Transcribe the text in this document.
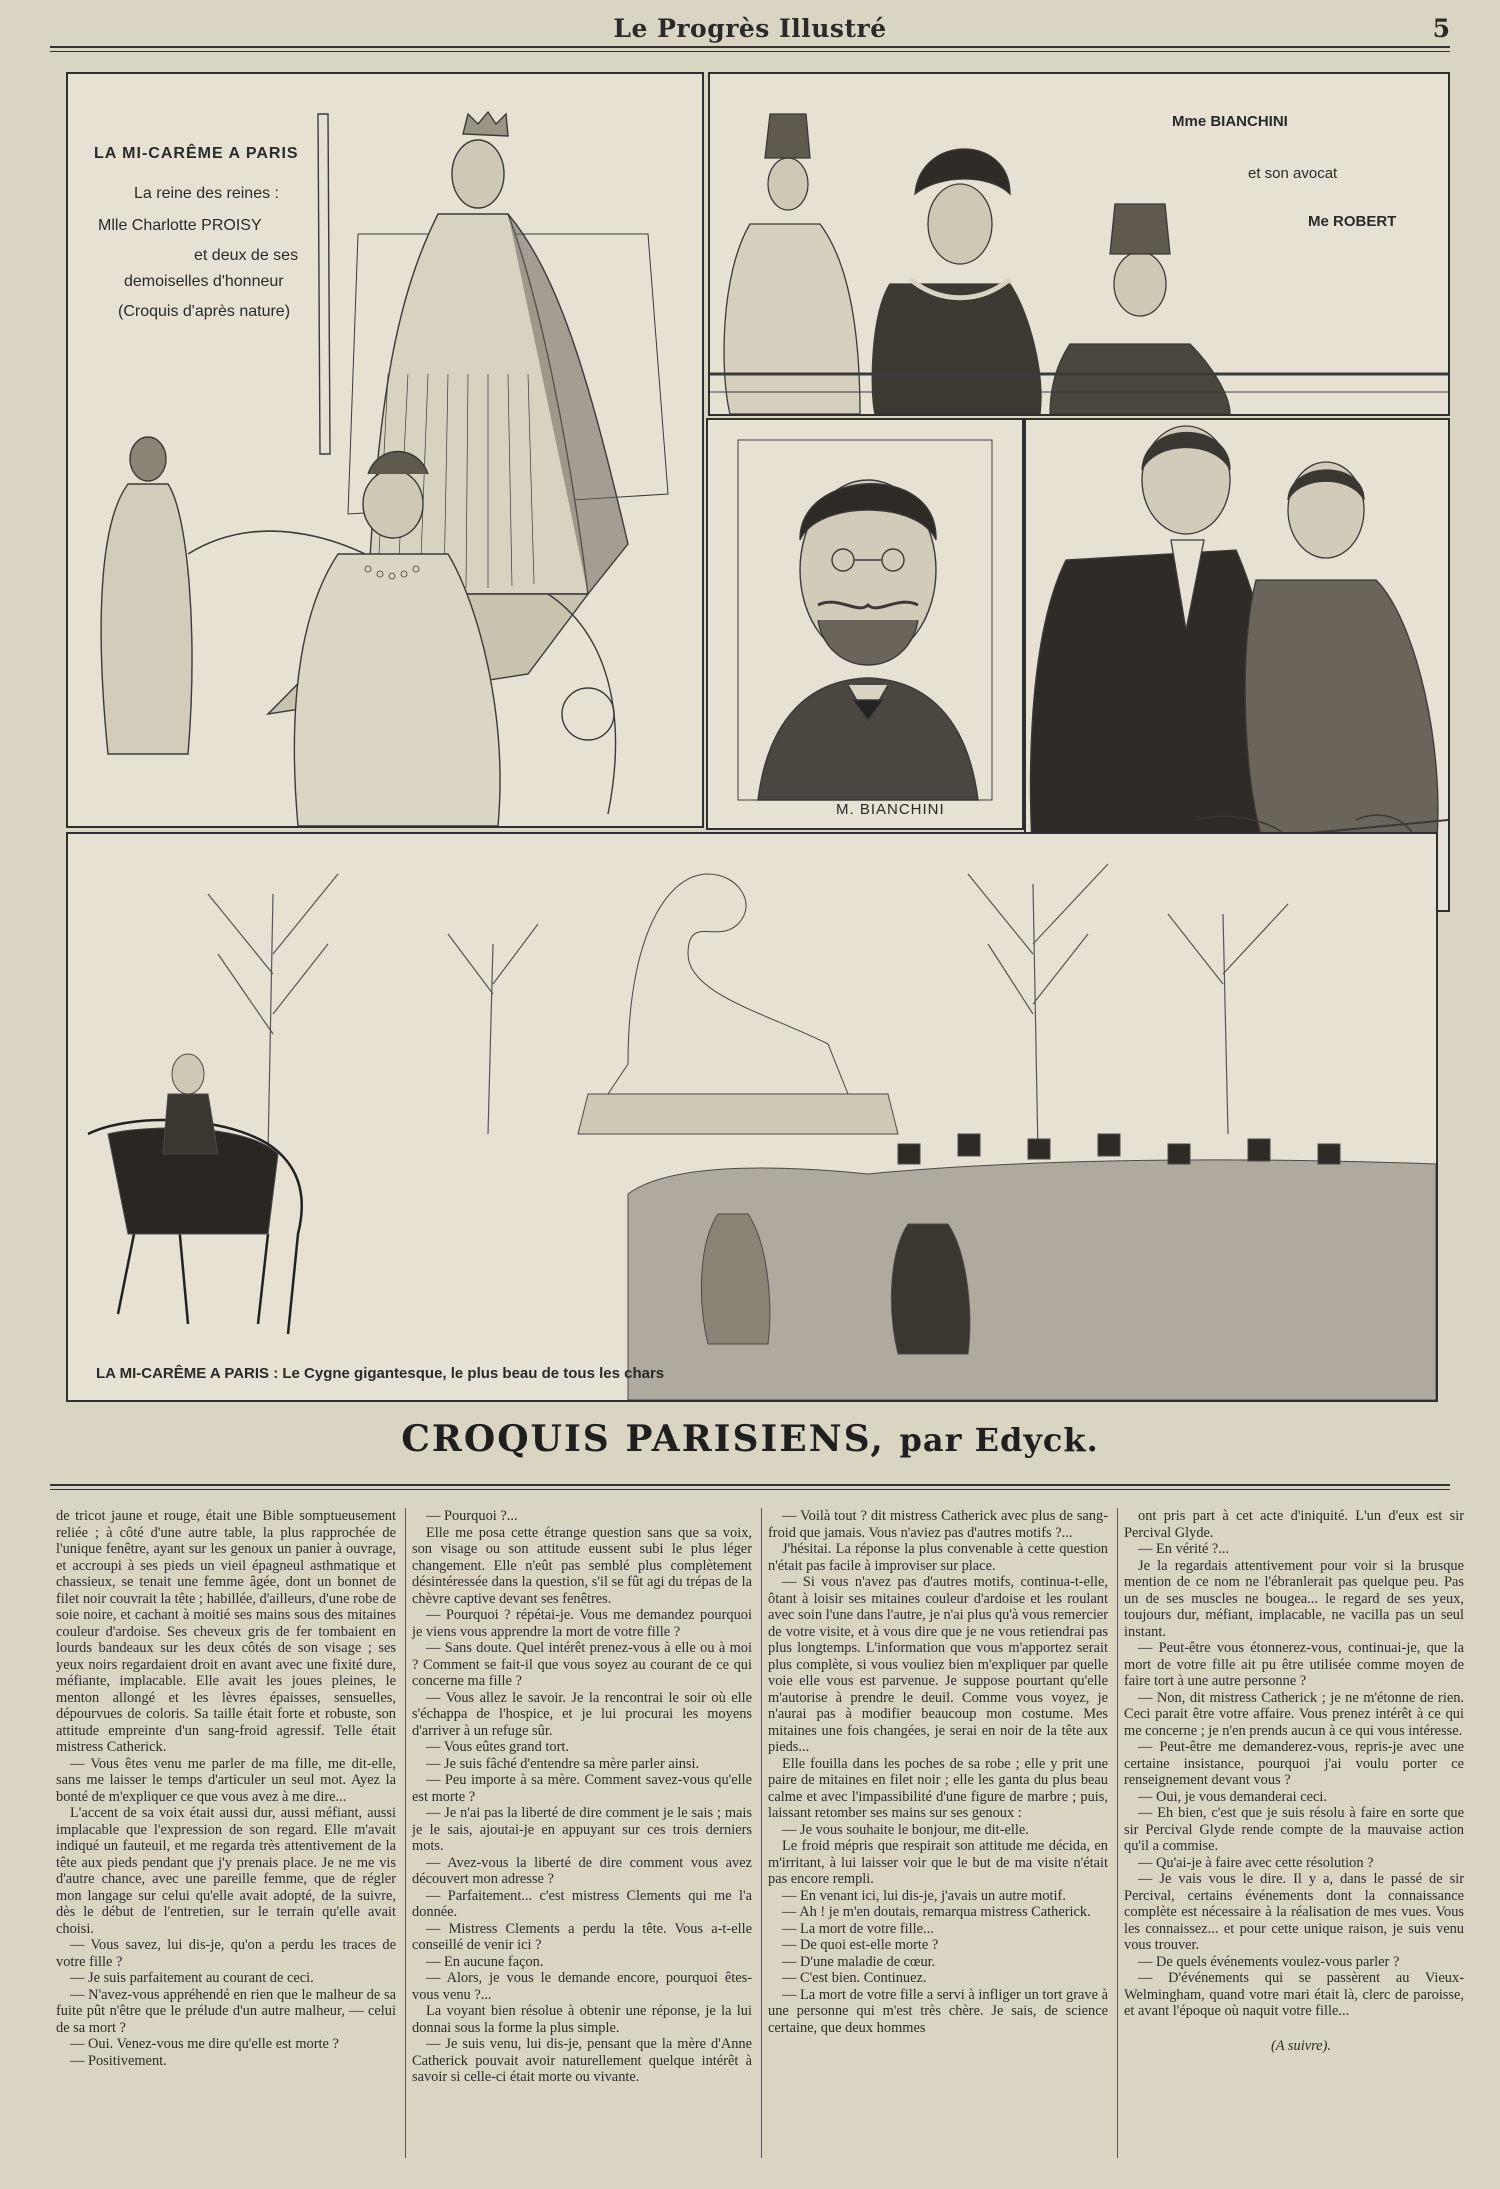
Le Progrès Illustré	5
LA MI-CARÊME A PARIS
La reine des reines :
Mlle Charlotte PROISY
et deux de ses
demoiselles d'honneur
(Croquis d'après nature)
Mme BIANCHINI
et son avocat
Me ROBERT
M. BIANCHINI
LA MI-CARÊME A PARIS : Le Cygne gigantesque, le plus beau de tous les chars
CROQUIS PARISIENS, par Edyck.

de tricot jaune et rouge, était une Bible somptueusement reliée ; à côté d'une autre table, la plus rapprochée de l'unique fenêtre, ayant sur les genoux un panier à ouvrage, et accroupi à ses pieds un vieil épagneul asthmatique et chassieux, se tenait une femme âgée, dont un bonnet de filet noir couvrait la tête ; habillée, d'ailleurs, d'une robe de soie noire, et cachant à moitié ses mains sous des mitaines couleur d'ardoise. Ses cheveux gris de fer tombaient en lourds bandeaux sur les deux côtés de son visage ; ses yeux noirs regardaient droit en avant avec une fixité dure, méfiante, implacable. Elle avait les joues pleines, le menton allongé et les lèvres épaisses, sensuelles, dépourvues de coloris. Sa taille était forte et robuste, son attitude empreinte d'un sang-froid agressif. Telle était mistress Catherick.

— Vous êtes venu me parler de ma fille, me dit-elle, sans me laisser le temps d'articuler un seul mot. Ayez la bonté de m'expliquer ce que vous avez à me dire...

L'accent de sa voix était aussi dur, aussi méfiant, aussi implacable que l'expression de son regard. Elle m'avait indiqué un fauteuil, et me regarda très attentivement de la tête aux pieds pendant que j'y prenais place. Je ne me vis d'autre chance, avec une pareille femme, que de régler mon langage sur celui qu'elle avait adopté, de la suivre, dès le début de l'entretien, sur le terrain qu'elle avait choisi.

— Vous savez, lui dis-je, qu'on a perdu les traces de votre fille ?

— Je suis parfaitement au courant de ceci.

— N'avez-vous appréhendé en rien que le malheur de sa fuite pût n'être que le prélude d'un autre malheur, — celui de sa mort ?

— Oui. Venez-vous me dire qu'elle est morte ?

— Positivement.

— Pourquoi ?...

Elle me posa cette étrange question sans que sa voix, son visage ou son attitude eussent subi le plus léger changement. Elle n'eût pas semblé plus complètement désintéressée dans la question, s'il se fût agi du trépas de la chèvre captive devant ses fenêtres.

— Pourquoi ? répétai-je. Vous me demandez pourquoi je viens vous apprendre la mort de votre fille ?

— Sans doute. Quel intérêt prenez-vous à elle ou à moi ? Comment se fait-il que vous soyez au courant de ce qui concerne ma fille ?

— Vous allez le savoir. Je la rencontrai le soir où elle s'échappa de l'hospice, et je lui procurai les moyens d'arriver à un refuge sûr.

— Vous eûtes grand tort.

— Je suis fâché d'entendre sa mère parler ainsi.

— Peu importe à sa mère. Comment savez-vous qu'elle est morte ?

— Je n'ai pas la liberté de dire comment je le sais ; mais je le sais, ajoutai-je en appuyant sur ces trois derniers mots.

— Avez-vous la liberté de dire comment vous avez découvert mon adresse ?

— Parfaitement... c'est mistress Clements qui me l'a donnée.

— Mistress Clements a perdu la tête. Vous a-t-elle conseillé de venir ici ?

— En aucune façon.

— Alors, je vous le demande encore, pourquoi êtes-vous venu ?...

La voyant bien résolue à obtenir une réponse, je la lui donnai sous la forme la plus simple.

— Je suis venu, lui dis-je, pensant que la mère d'Anne Catherick pouvait avoir naturellement quelque intérêt à savoir si celle-ci était morte ou vivante.

— Voilà tout ? dit mistress Catherick avec plus de sang-froid que jamais. Vous n'aviez pas d'autres motifs ?...

J'hésitai. La réponse la plus convenable à cette question n'était pas facile à improviser sur place.

— Si vous n'avez pas d'autres motifs, continua-t-elle, ôtant à loisir ses mitaines couleur d'ardoise et les roulant avec soin l'une dans l'autre, je n'ai plus qu'à vous remercier de votre visite, et à vous dire que je ne vous retiendrai pas plus longtemps. L'information que vous m'apportez serait plus complète, si vous vouliez bien m'expliquer par quelle voie elle vous est parvenue. Je suppose pourtant qu'elle m'autorise à prendre le deuil. Comme vous voyez, je n'aurai pas à modifier beaucoup mon costume. Mes mitaines une fois changées, je serai en noir de la tête aux pieds...

Elle fouilla dans les poches de sa robe ; elle y prit une paire de mitaines en filet noir ; elle les ganta du plus beau calme et avec l'impassibilité d'une figure de marbre ; puis, laissant retomber ses mains sur ses genoux :

— Je vous souhaite le bonjour, me dit-elle.

Le froid mépris que respirait son attitude me décida, en m'irritant, à lui laisser voir que le but de ma visite n'était pas encore rempli.

— En venant ici, lui dis-je, j'avais un autre motif.

— Ah ! je m'en doutais, remarqua mistress Catherick.

— La mort de votre fille...

— De quoi est-elle morte ?

— D'une maladie de cœur.

— C'est bien. Continuez.

— La mort de votre fille a servi à infliger un tort grave à une personne qui m'est très chère. Je sais, de science certaine, que deux hommes

ont pris part à cet acte d'iniquité. L'un d'eux est sir Percival Glyde.

— En vérité ?...

Je la regardais attentivement pour voir si la brusque mention de ce nom ne l'ébranlerait pas quelque peu. Pas un de ses muscles ne bougea... le regard de ses yeux, toujours dur, méfiant, implacable, ne vacilla pas un seul instant.

— Peut-être vous étonnerez-vous, continuai-je, que la mort de votre fille ait pu être utilisée comme moyen de faire tort à une autre personne ?

— Non, dit mistress Catherick ; je ne m'étonne de rien. Ceci parait être votre affaire. Vous prenez intérêt à ce qui me concerne ; je n'en prends aucun à ce qui vous intéresse.

— Peut-être me demanderez-vous, repris-je avec une certaine insistance, pourquoi j'ai voulu porter ce renseignement devant vous ?

— Oui, je vous demanderai ceci.

— Eh bien, c'est que je suis résolu à faire en sorte que sir Percival Glyde rende compte de la mauvaise action qu'il a commise.

— Qu'ai-je à faire avec cette résolution ?

— Je vais vous le dire. Il y a, dans le passé de sir Percival, certains événements dont la connaissance complète est nécessaire à la réalisation de mes vues. Vous les connaissez... et pour cette unique raison, je suis venu vous trouver.

— De quels événements voulez-vous parler ?

— D'événements qui se passèrent au Vieux-Welmingham, quand votre mari était là, clerc de paroisse, et avant l'époque où naquit votre fille...

(A suivre).
